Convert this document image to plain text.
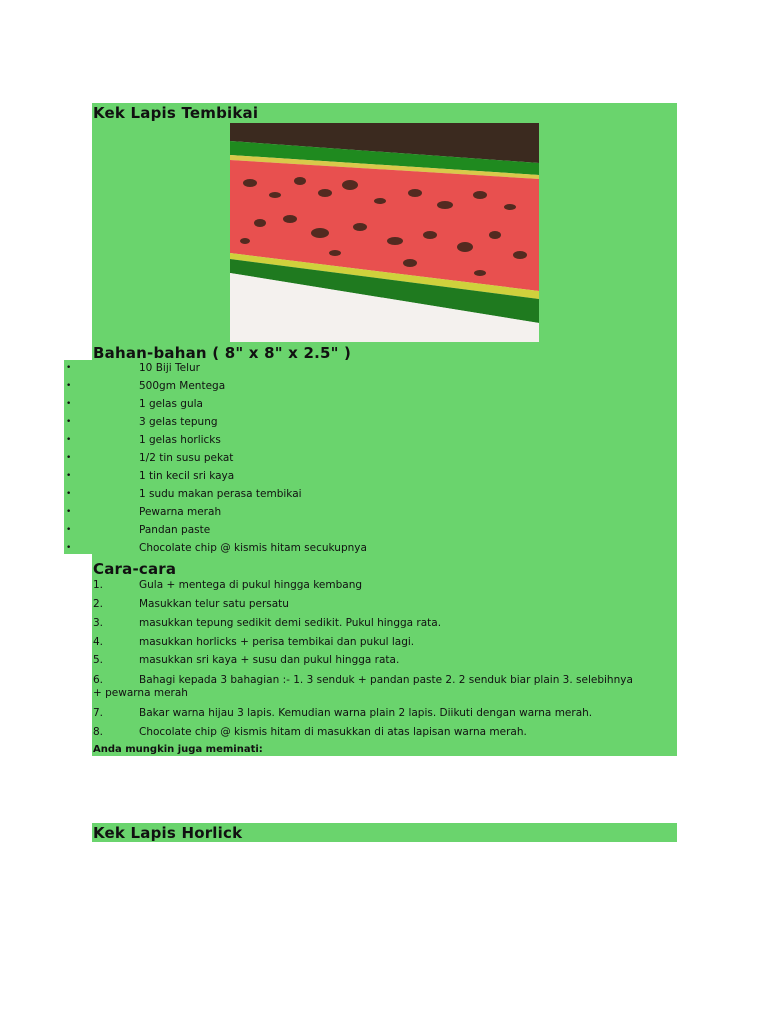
Kek Lapis Tembikai
Bahan-bahan ( 8" x 8" x 2.5" )
•	10 Biji Telur
•	500gm Mentega
•	1 gelas gula
•	3 gelas tepung
•	1 gelas horlicks
•	1/2 tin susu pekat
•	1 tin kecil sri kaya
•	1 sudu makan perasa tembikai
•	Pewarna merah
•	Pandan paste
•	Chocolate chip @ kismis hitam secukupnya
Cara-cara
1.	Gula + mentega di pukul hingga kembang
2.	Masukkan telur satu persatu
3.	masukkan tepung sedikit demi sedikit. Pukul hingga rata.
4.	masukkan horlicks + perisa tembikai dan pukul lagi.
5.	masukkan sri kaya + susu dan pukul hingga rata.
6.	Bahagi kepada 3 bahagian :- 1. 3 senduk + pandan paste 2. 2 senduk biar plain 3. selebihnya + pewarna merah
7.	Bakar warna hijau 3 lapis. Kemudian warna plain 2 lapis. Diikuti dengan warna merah.
8.	Chocolate chip @ kismis hitam di masukkan di atas lapisan warna merah.
Anda mungkin juga meminati:
Kek Lapis Horlick
